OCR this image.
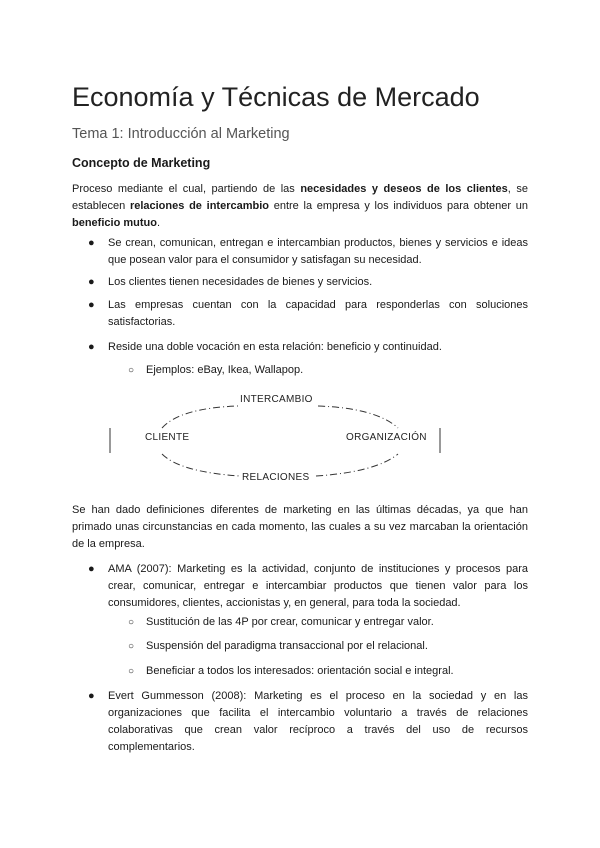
Economía y Técnicas de Mercado
Tema 1: Introducción al Marketing
Concepto de Marketing
Proceso mediante el cual, partiendo de las necesidades y deseos de los clientes, se establecen relaciones de intercambio entre la empresa y los individuos para obtener un beneficio mutuo.
●	Se crean, comunican, entregan e intercambian productos, bienes y servicios e ideas que posean valor para el consumidor y satisfagan su necesidad.
●	Los clientes tienen necesidades de bienes y servicios.
●	Las empresas cuentan con la capacidad para responderlas con soluciones satisfactorias.
●	Reside una doble vocación en esta relación: beneficio y continuidad.
○	Ejemplos: eBay, Ikea, Wallapop.
INTERCAMBIO
CLIENTE	ORGANIZACIÓN
RELACIONES
Se han dado definiciones diferentes de marketing en las últimas décadas, ya que han primado unas circunstancias en cada momento, las cuales a su vez marcaban la orientación de la empresa.
●	AMA (2007): Marketing es la actividad, conjunto de instituciones y procesos para crear, comunicar, entregar e intercambiar productos que tienen valor para los consumidores, clientes, accionistas y, en general, para toda la sociedad.
○	Sustitución de las 4P por crear, comunicar y entregar valor.
○	Suspensión del paradigma transaccional por el relacional.
○	Beneficiar a todos los interesados: orientación social e integral.
●	Evert Gummesson (2008): Marketing es el proceso en la sociedad y en las organizaciones que facilita el intercambio voluntario a través de relaciones colaborativas que crean valor recíproco a través del uso de recursos complementarios.
